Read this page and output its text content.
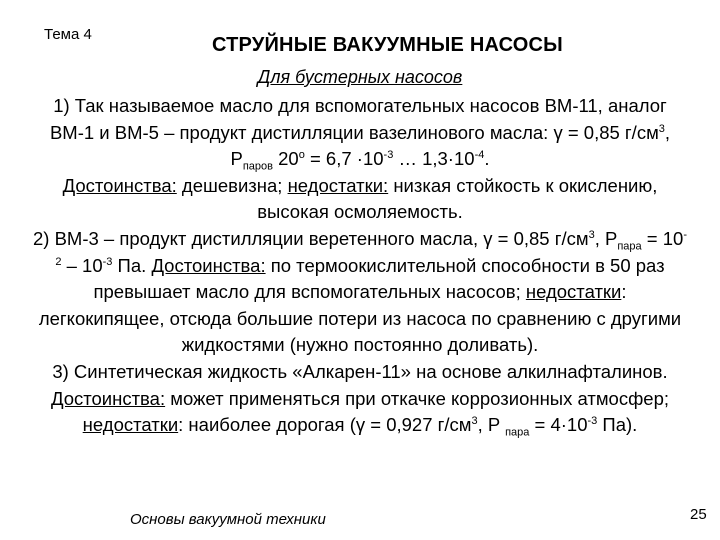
Тема 4	СТРУЙНЫЕ ВАКУУМНЫЕ НАСОСЫ
Для бустерных насосов

1) Так называемое масло для вспомогательных насосов ВМ-11, аналог ВМ-1 и ВМ-5 – продукт дистилляции вазелинового масла: γ = 0,85 $г/см^3$, $P_{паров}$ $20^o = 6,7 \cdot 10^{-3}$ … $1,3\cdot 10^{-4}$.
Достоинства: дешевизна; недостатки: низкая стойкость к окислению, высокая осмоляемость.

2) ВМ-3 – продукт дистилляции веретенного масла, γ = 0,85 $г/см^3$, $P_{пара} = 10^{-2} - 10^{-3}$ Па. Достоинства: по термоокислительной способности в 50 раз превышает масло для вспомогательных насосов; недостатки: легкокипящее, отсюда большие потери из насоса по сравнению с другими жидкостями (нужно постоянно доливать).

3) Синтетическая жидкость «Алкарен-11» на основе алкилнафталинов. Достоинства: может применяться при откачке коррозионных атмосфер; недостатки: наиболее дорогая (γ = 0,927 $г/см^3$, P $_{пара} = 4\cdot 10^{-3}$ Па).

Основы вакуумной техники	25
